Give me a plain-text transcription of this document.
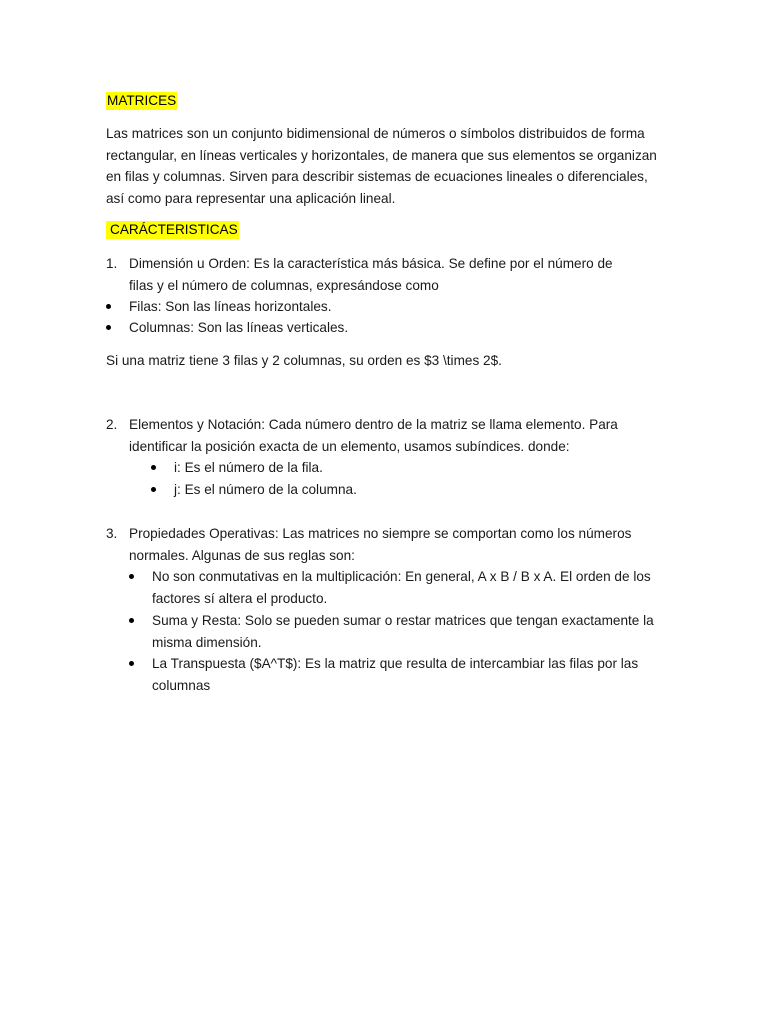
MATRICES

Las matrices son un conjunto bidimensional de números o símbolos distribuidos de forma rectangular, en líneas verticales y horizontales, de manera que sus elementos se organizan en filas y columnas. Sirven para describir sistemas de ecuaciones lineales o diferenciales, así como para representar una aplicación lineal.

CARÁCTERISTICAS
1. Dimensión u Orden: Es la característica más básica. Se define por el número de filas y el número de columnas, expresándose como
Filas: Son las líneas horizontales.
Columnas: Son las líneas verticales.

Si una matriz tiene 3 filas y 2 columnas, su orden es $3 \times 2$.

2. Elementos y Notación: Cada número dentro de la matriz se llama elemento. Para identificar la posición exacta de un elemento, usamos subíndices. donde:
i: Es el número de la fila.
j: Es el número de la columna.
3. Propiedades Operativas: Las matrices no siempre se comportan como los números normales. Algunas de sus reglas son:
No son conmutativas en la multiplicación: En general, A x B / B x A. El orden de los factores sí altera el producto.
Suma y Resta: Solo se pueden sumar o restar matrices que tengan exactamente la misma dimensión.
La Transpuesta ($A^T$): Es la matriz que resulta de intercambiar las filas por las columnas
